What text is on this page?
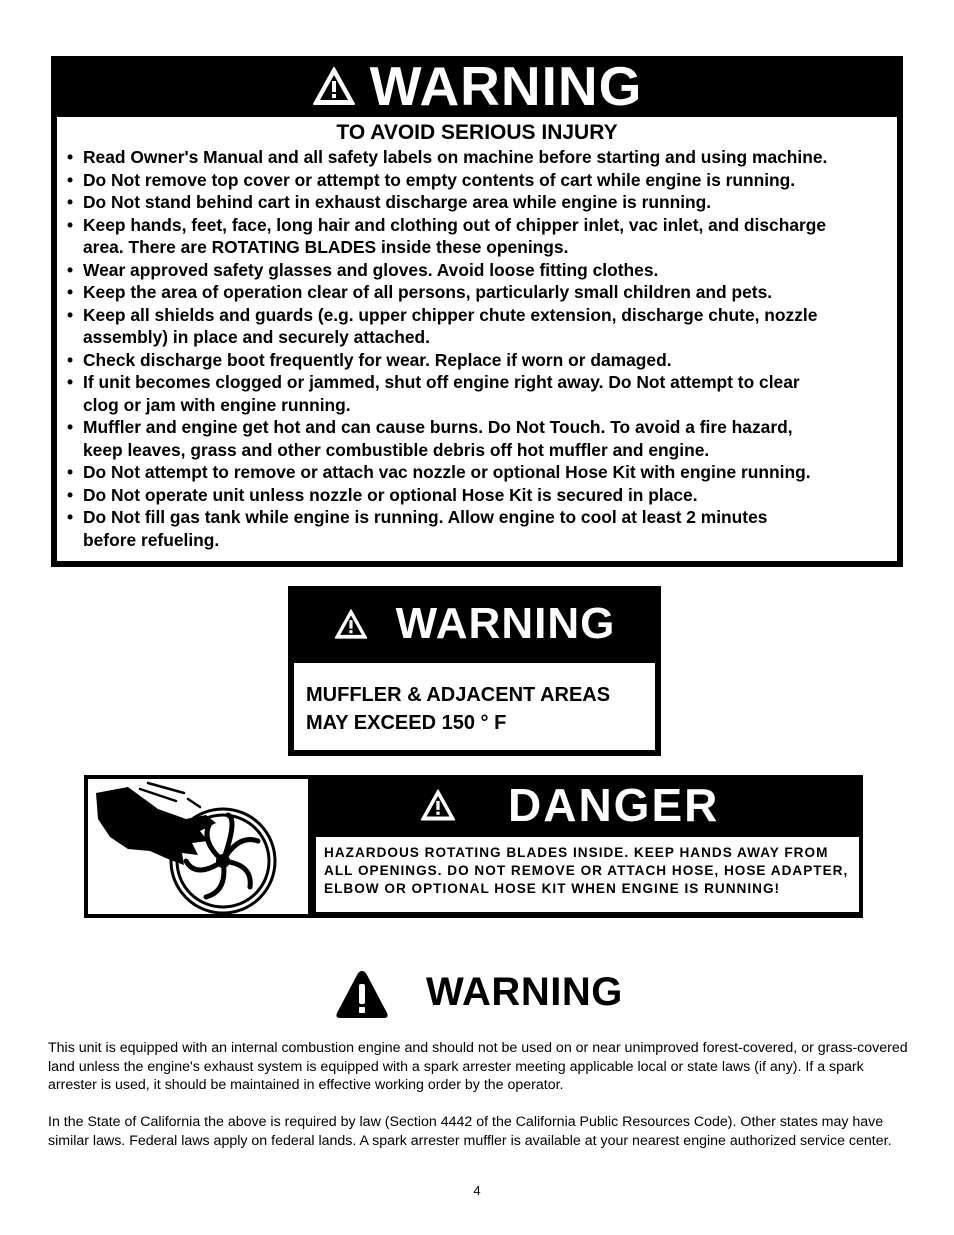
WARNING
TO AVOID SERIOUS INJURY
• Read Owner's Manual and all safety labels on machine before starting and using machine.
• Do Not remove top cover or attempt to empty contents of cart while engine is running.
• Do Not stand behind cart in exhaust discharge area while engine is running.
• Keep hands, feet, face, long hair and clothing out of chipper inlet, vac inlet, and discharge
area. There are ROTATING BLADES inside these openings.
• Wear approved safety glasses and gloves. Avoid loose fitting clothes.
• Keep the area of operation clear of all persons, particularly small children and pets.
• Keep all shields and guards (e.g. upper chipper chute extension, discharge chute, nozzle
assembly) in place and securely attached.
• Check discharge boot frequently for wear. Replace if worn or damaged.
• If unit becomes clogged or jammed, shut off engine right away. Do Not attempt to clear
clog or jam with engine running.
• Muffler and engine get hot and can cause burns. Do Not Touch. To avoid a fire hazard,
keep leaves, grass and other combustible debris off hot muffler and engine.
• Do Not attempt to remove or attach vac nozzle or optional Hose Kit with engine running.
• Do Not operate unit unless nozzle or optional Hose Kit is secured in place.
• Do Not fill gas tank while engine is running. Allow engine to cool at least 2 minutes
before refueling.
WARNING
MUFFLER & ADJACENT AREAS
MAY EXCEED 150 ° F
DANGER
HAZARDOUS ROTATING BLADES INSIDE. KEEP HANDS AWAY FROM
ALL OPENINGS. DO NOT REMOVE OR ATTACH HOSE, HOSE ADAPTER,
ELBOW OR OPTIONAL HOSE KIT WHEN ENGINE IS RUNNING!
WARNING
This unit is equipped with an internal combustion engine and should not be used on or near unimproved forest-covered, or grass-covered land unless the engine's exhaust system is equipped with a spark arrester meeting applicable local or state laws (if any). If a spark arrester is used, it should be maintained in effective working order by the operator.
In the State of California the above is required by law (Section 4442 of the California Public Resources Code). Other states may have similar laws. Federal laws apply on federal lands. A spark arrester muffler is available at your nearest engine authorized service center.
4
